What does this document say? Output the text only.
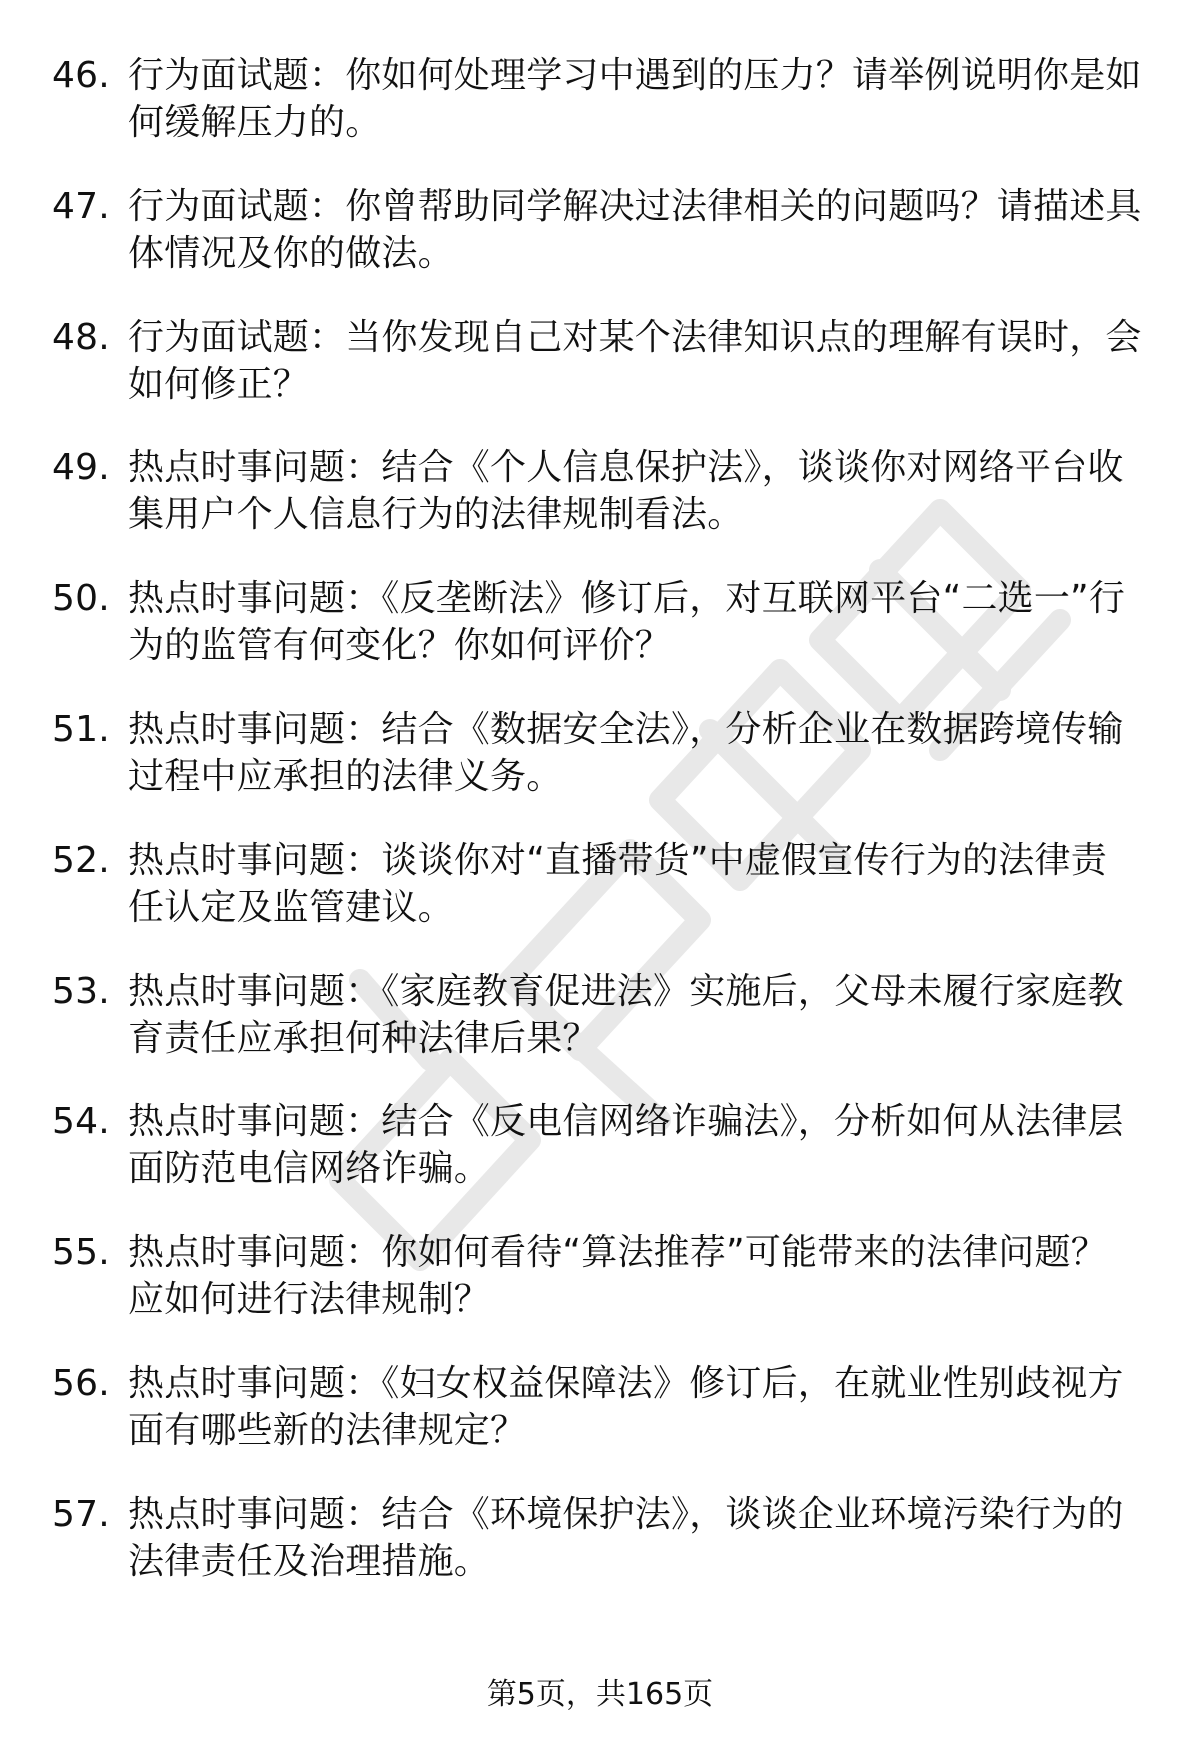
46. 行为面试题：你如何处理学习中遇到的压力？请举例说明你是如何缓解压力的。
47. 行为面试题：你曾帮助同学解决过法律相关的问题吗？请描述具体情况及你的做法。
48. 行为面试题：当你发现自己对某个法律知识点的理解有误时，会如何修正？
49. 热点时事问题：结合《个人信息保护法》，谈谈你对网络平台收集用户个人信息行为的法律规制看法。
50. 热点时事问题：《反垄断法》修订后，对互联网平台“二选一”行为的监管有何变化？你如何评价？
51. 热点时事问题：结合《数据安全法》，分析企业在数据跨境传输过程中应承担的法律义务。
52. 热点时事问题：谈谈你对“直播带货”中虚假宣传行为的法律责任认定及监管建议。
53. 热点时事问题：《家庭教育促进法》实施后，父母未履行家庭教育责任应承担何种法律后果？
54. 热点时事问题：结合《反电信网络诈骗法》，分析如何从法律层面防范电信网络诈骗。
55. 热点时事问题：你如何看待“算法推荐”可能带来的法律问题？应如何进行法律规制？
56. 热点时事问题：《妇女权益保障法》修订后，在就业性别歧视方面有哪些新的法律规定？
57. 热点时事问题：结合《环境保护法》，谈谈企业环境污染行为的法律责任及治理措施。
第5页，共165页
